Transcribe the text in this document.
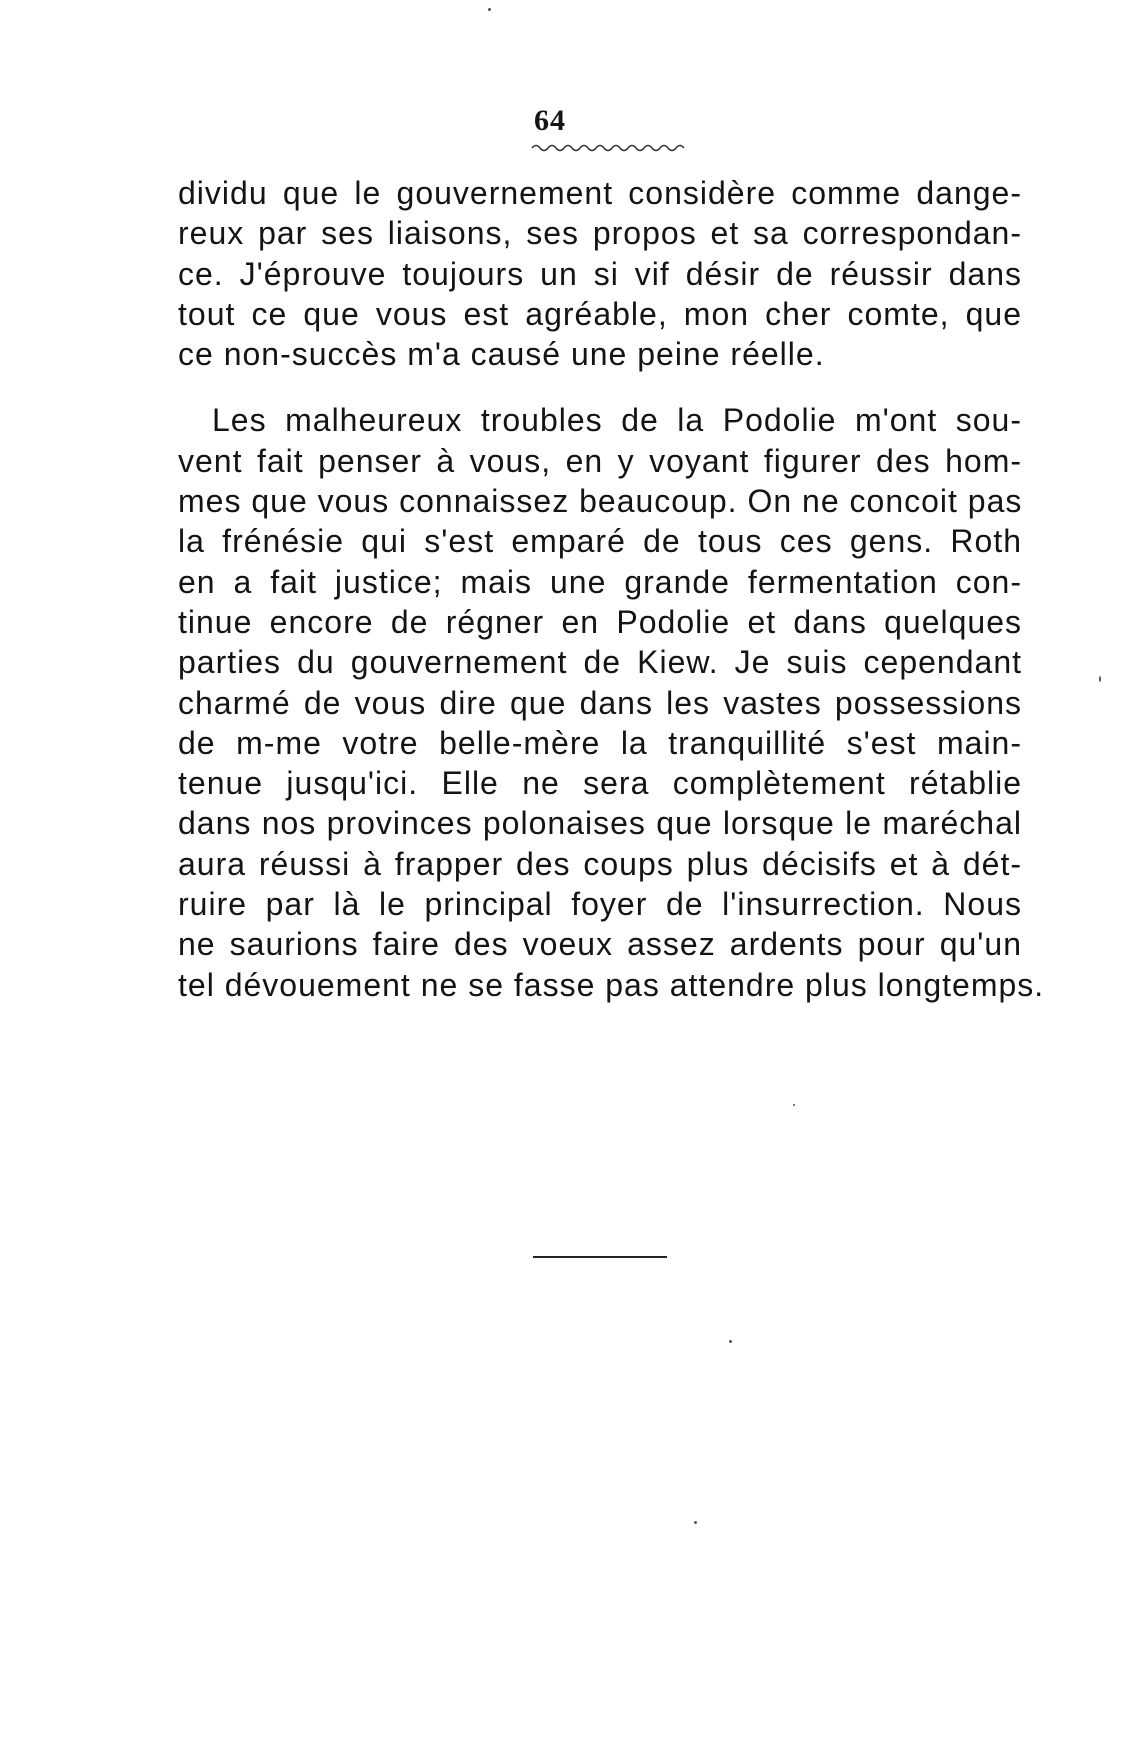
64
dividu que le gouvernement considère comme dange-
reux par ses liaisons, ses propos et sa correspondan-
ce. J'éprouve toujours un si vif désir de réussir dans
tout ce que vous est agréable, mon cher comte, que
ce non-succès m'a causé une peine réelle.
Les malheureux troubles de la Podolie m'ont sou-
vent fait penser à vous, en y voyant figurer des hom-
mes que vous connaissez beaucoup. On ne concoit pas
la frénésie qui s'est emparé de tous ces gens. Roth
en a fait justice; mais une grande fermentation con-
tinue encore de régner en Podolie et dans quelques
parties du gouvernement de Kiew. Je suis cependant
charmé de vous dire que dans les vastes possessions
de m-me votre belle-mère la tranquillité s'est main-
tenue jusqu'ici. Elle ne sera complètement rétablie
dans nos provinces polonaises que lorsque le maréchal
aura réussi à frapper des coups plus décisifs et à dét-
ruire par là le principal foyer de l'insurrection. Nous
ne saurions faire des voeux assez ardents pour qu'un
tel dévouement ne se fasse pas attendre plus longtemps.
